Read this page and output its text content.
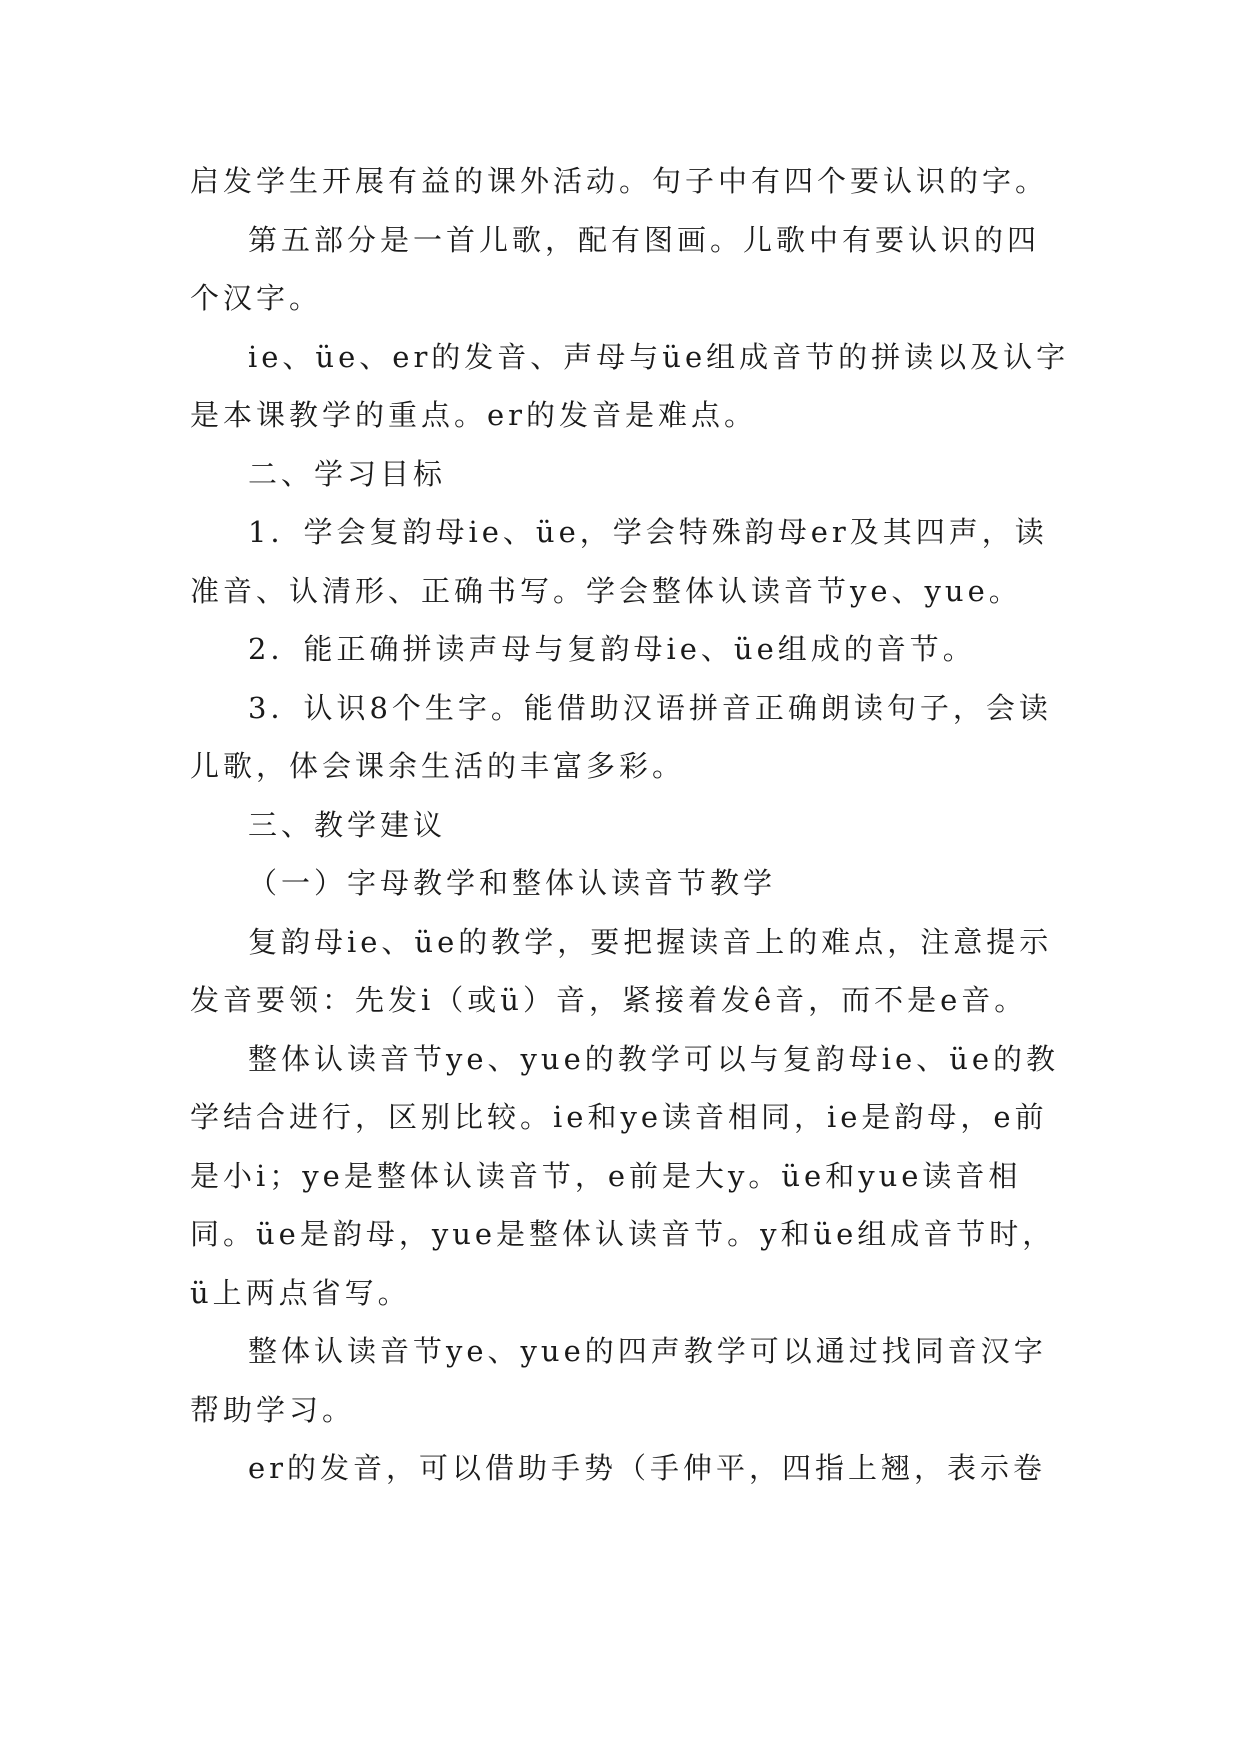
启发学生开展有益的课外活动。句子中有四个要认识的字。

第五部分是一首儿歌，配有图画。儿歌中有要认识的四个汉字。

ie、üe、er的发音、声母与üe组成音节的拼读以及认字是本课教学的重点。er的发音是难点。

二、学习目标

1．学会复韵母ie、üe，学会特殊韵母er及其四声，读准音、认清形、正确书写。学会整体认读音节ye、yue。

2．能正确拼读声母与复韵母ie、üe组成的音节。

3．认识8个生字。能借助汉语拼音正确朗读句子，会读儿歌，体会课余生活的丰富多彩。

三、教学建议

（一）字母教学和整体认读音节教学

复韵母ie、üe的教学，要把握读音上的难点，注意提示发音要领：先发i（或ü）音，紧接着发ê音，而不是e音。

整体认读音节ye、yue的教学可以与复韵母ie、üe的教学结合进行，区别比较。ie和ye读音相同，ie是韵母，e前是小i；ye是整体认读音节，e前是大y。üe和yue读音相同。üe是韵母，yue是整体认读音节。y和üe组成音节时，ü上两点省写。

整体认读音节ye、yue的四声教学可以通过找同音汉字帮助学习。

er的发音，可以借助手势（手伸平，四指上翘，表示卷
